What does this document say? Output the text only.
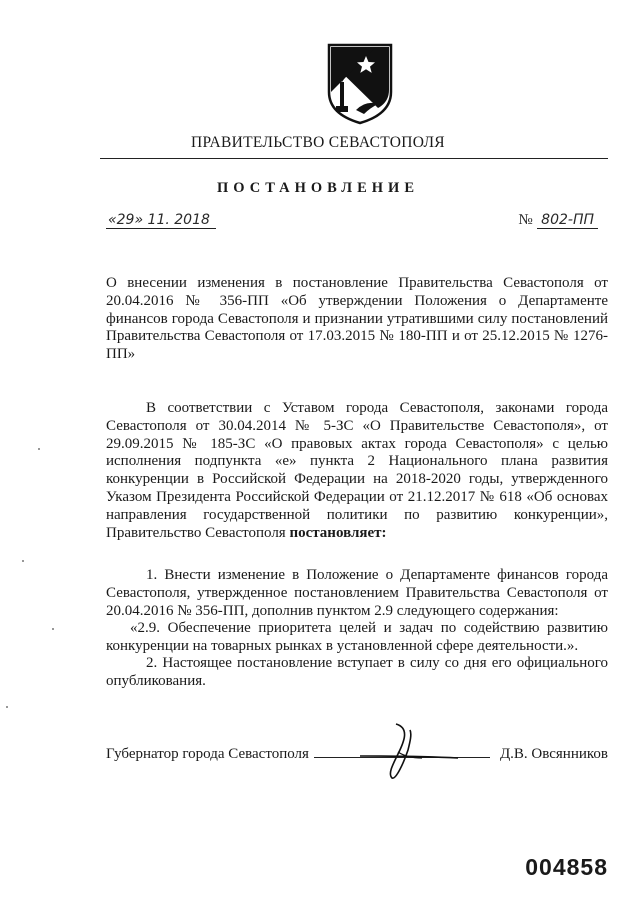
ПРАВИТЕЛЬСТВО СЕВАСТОПОЛЯ
ПОСТАНОВЛЕНИЕ
«29» 11. 2018	№ 802-ПП

О внесении изменения в постановление Правительства Севастополя от 20.04.2016 № 356-ПП «Об утверждении Положения о Департаменте финансов города Севастополя и признании утратившими силу постановлений Правительства Севастополя от 17.03.2015 № 180-ПП и от 25.12.2015 № 1276-ПП»

В соответствии с Уставом города Севастополя, законами города Севастополя от 30.04.2014 № 5-ЗС «О Правительстве Севастополя», от 29.09.2015 № 185-ЗС «О правовых актах города Севастополя» с целью исполнения подпункта «е» пункта 2 Национального плана развития конкуренции в Российской Федерации на 2018-2020 годы, утвержденного Указом Президента Российской Федерации от 21.12.2017 № 618 «Об основах направления государственной политики по развитию конкуренции», Правительство Севастополя постановляет:

1. Внести изменение в Положение о Департаменте финансов города Севастополя, утвержденное постановлением Правительства Севастополя от 20.04.2016 № 356-ПП, дополнив пунктом 2.9 следующего содержания:

«2.9. Обеспечение приоритета целей и задач по содействию развитию конкуренции на товарных рынках в установленной сфере деятельности.».

2. Настоящее постановление вступает в силу со дня его официального опубликования.

Губернатор города Севастополя	Д.В. Овсянников
004858
